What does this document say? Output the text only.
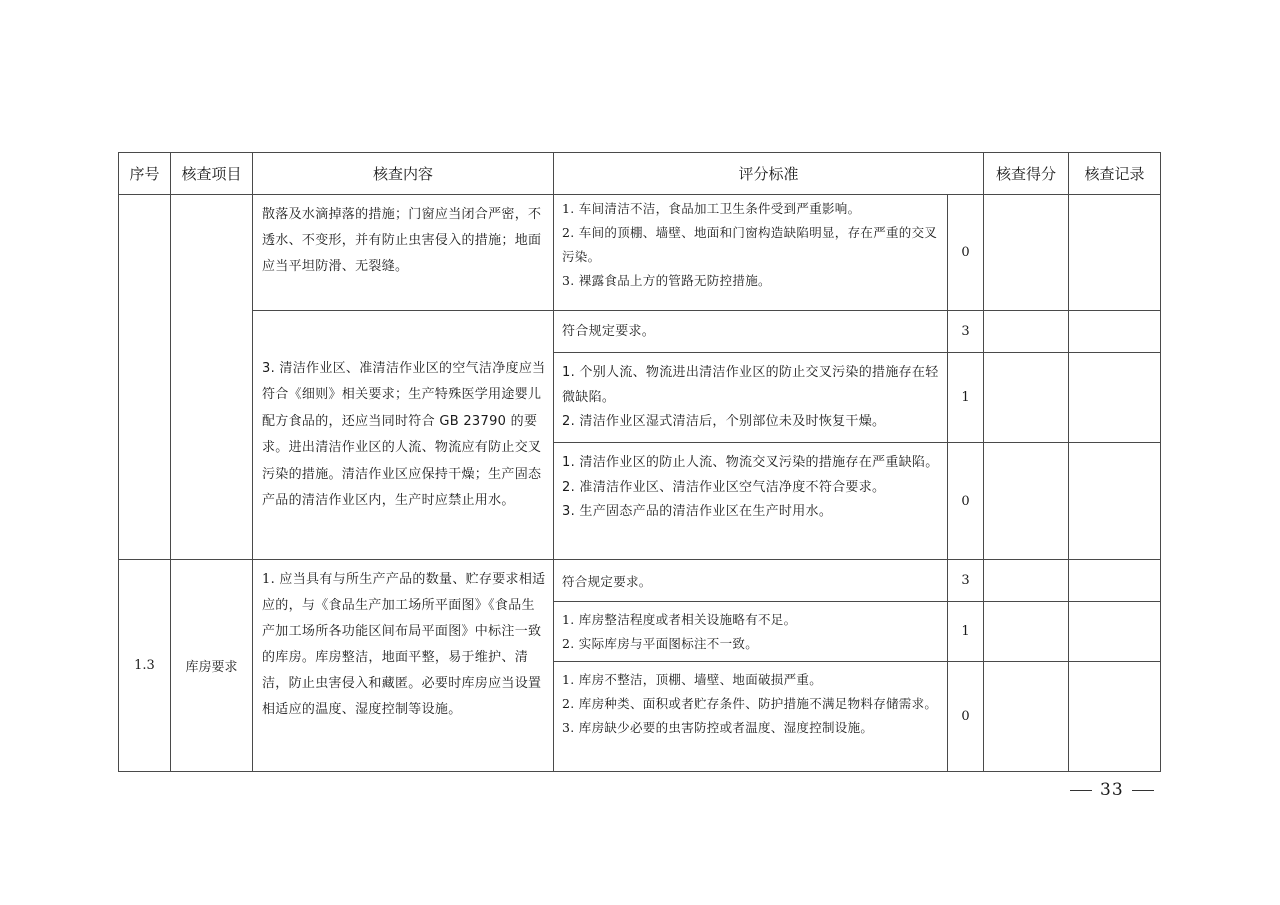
序号	核查项目	核查内容	评分标准		核查得分	核查记录

		散落及水滴掉落的措施；门窗应当闭合严密，不透水、不变形，并有防止虫害侵入的措施；地面应当平坦防滑、无裂缝。	1. 车间清洁不洁，食品加工卫生条件受到严重影响。
2. 车间的顶棚、墙壁、地面和门窗构造缺陷明显，存在严重的交叉污染。
3. 裸露食品上方的管路无防控措施。	0		

		3. 清洁作业区、准清洁作业区的空气洁净度应当符合《细则》相关要求；生产特殊医学用途婴儿配方食品的，还应当同时符合 GB 23790 的要求。进出清洁作业区的人流、物流应有防止交叉污染的措施。清洁作业区应保持干燥；生产固态产品的清洁作业区内，生产时应禁止用水。	符合规定要求。	3		

			1. 个别人流、物流进出清洁作业区的防止交叉污染的措施存在轻微缺陷。
2. 清洁作业区湿式清洁后，个别部位未及时恢复干燥。	1		

			1. 清洁作业区的防止人流、物流交叉污染的措施存在严重缺陷。
2. 准清洁作业区、清洁作业区空气洁净度不符合要求。
3. 生产固态产品的清洁作业区在生产时用水。	0		
1.3	库房要求	1. 应当具有与所生产产品的数量、贮存要求相适应的，与《食品生产加工场所平面图》《食品生产加工场所各功能区间布局平面图》中标注一致的库房。库房整洁，地面平整，易于维护、清洁，防止虫害侵入和藏匿。必要时库房应当设置相适应的温度、湿度控制等设施。	符合规定要求。	3		

			1. 库房整洁程度或者相关设施略有不足。
2. 实际库房与平面图标注不一致。	1		

			1. 库房不整洁，顶棚、墙壁、地面破损严重。
2. 库房种类、面积或者贮存条件、防护措施不满足物料存储需求。
3. 库房缺少必要的虫害防控或者温度、湿度控制设施。	0		
33
